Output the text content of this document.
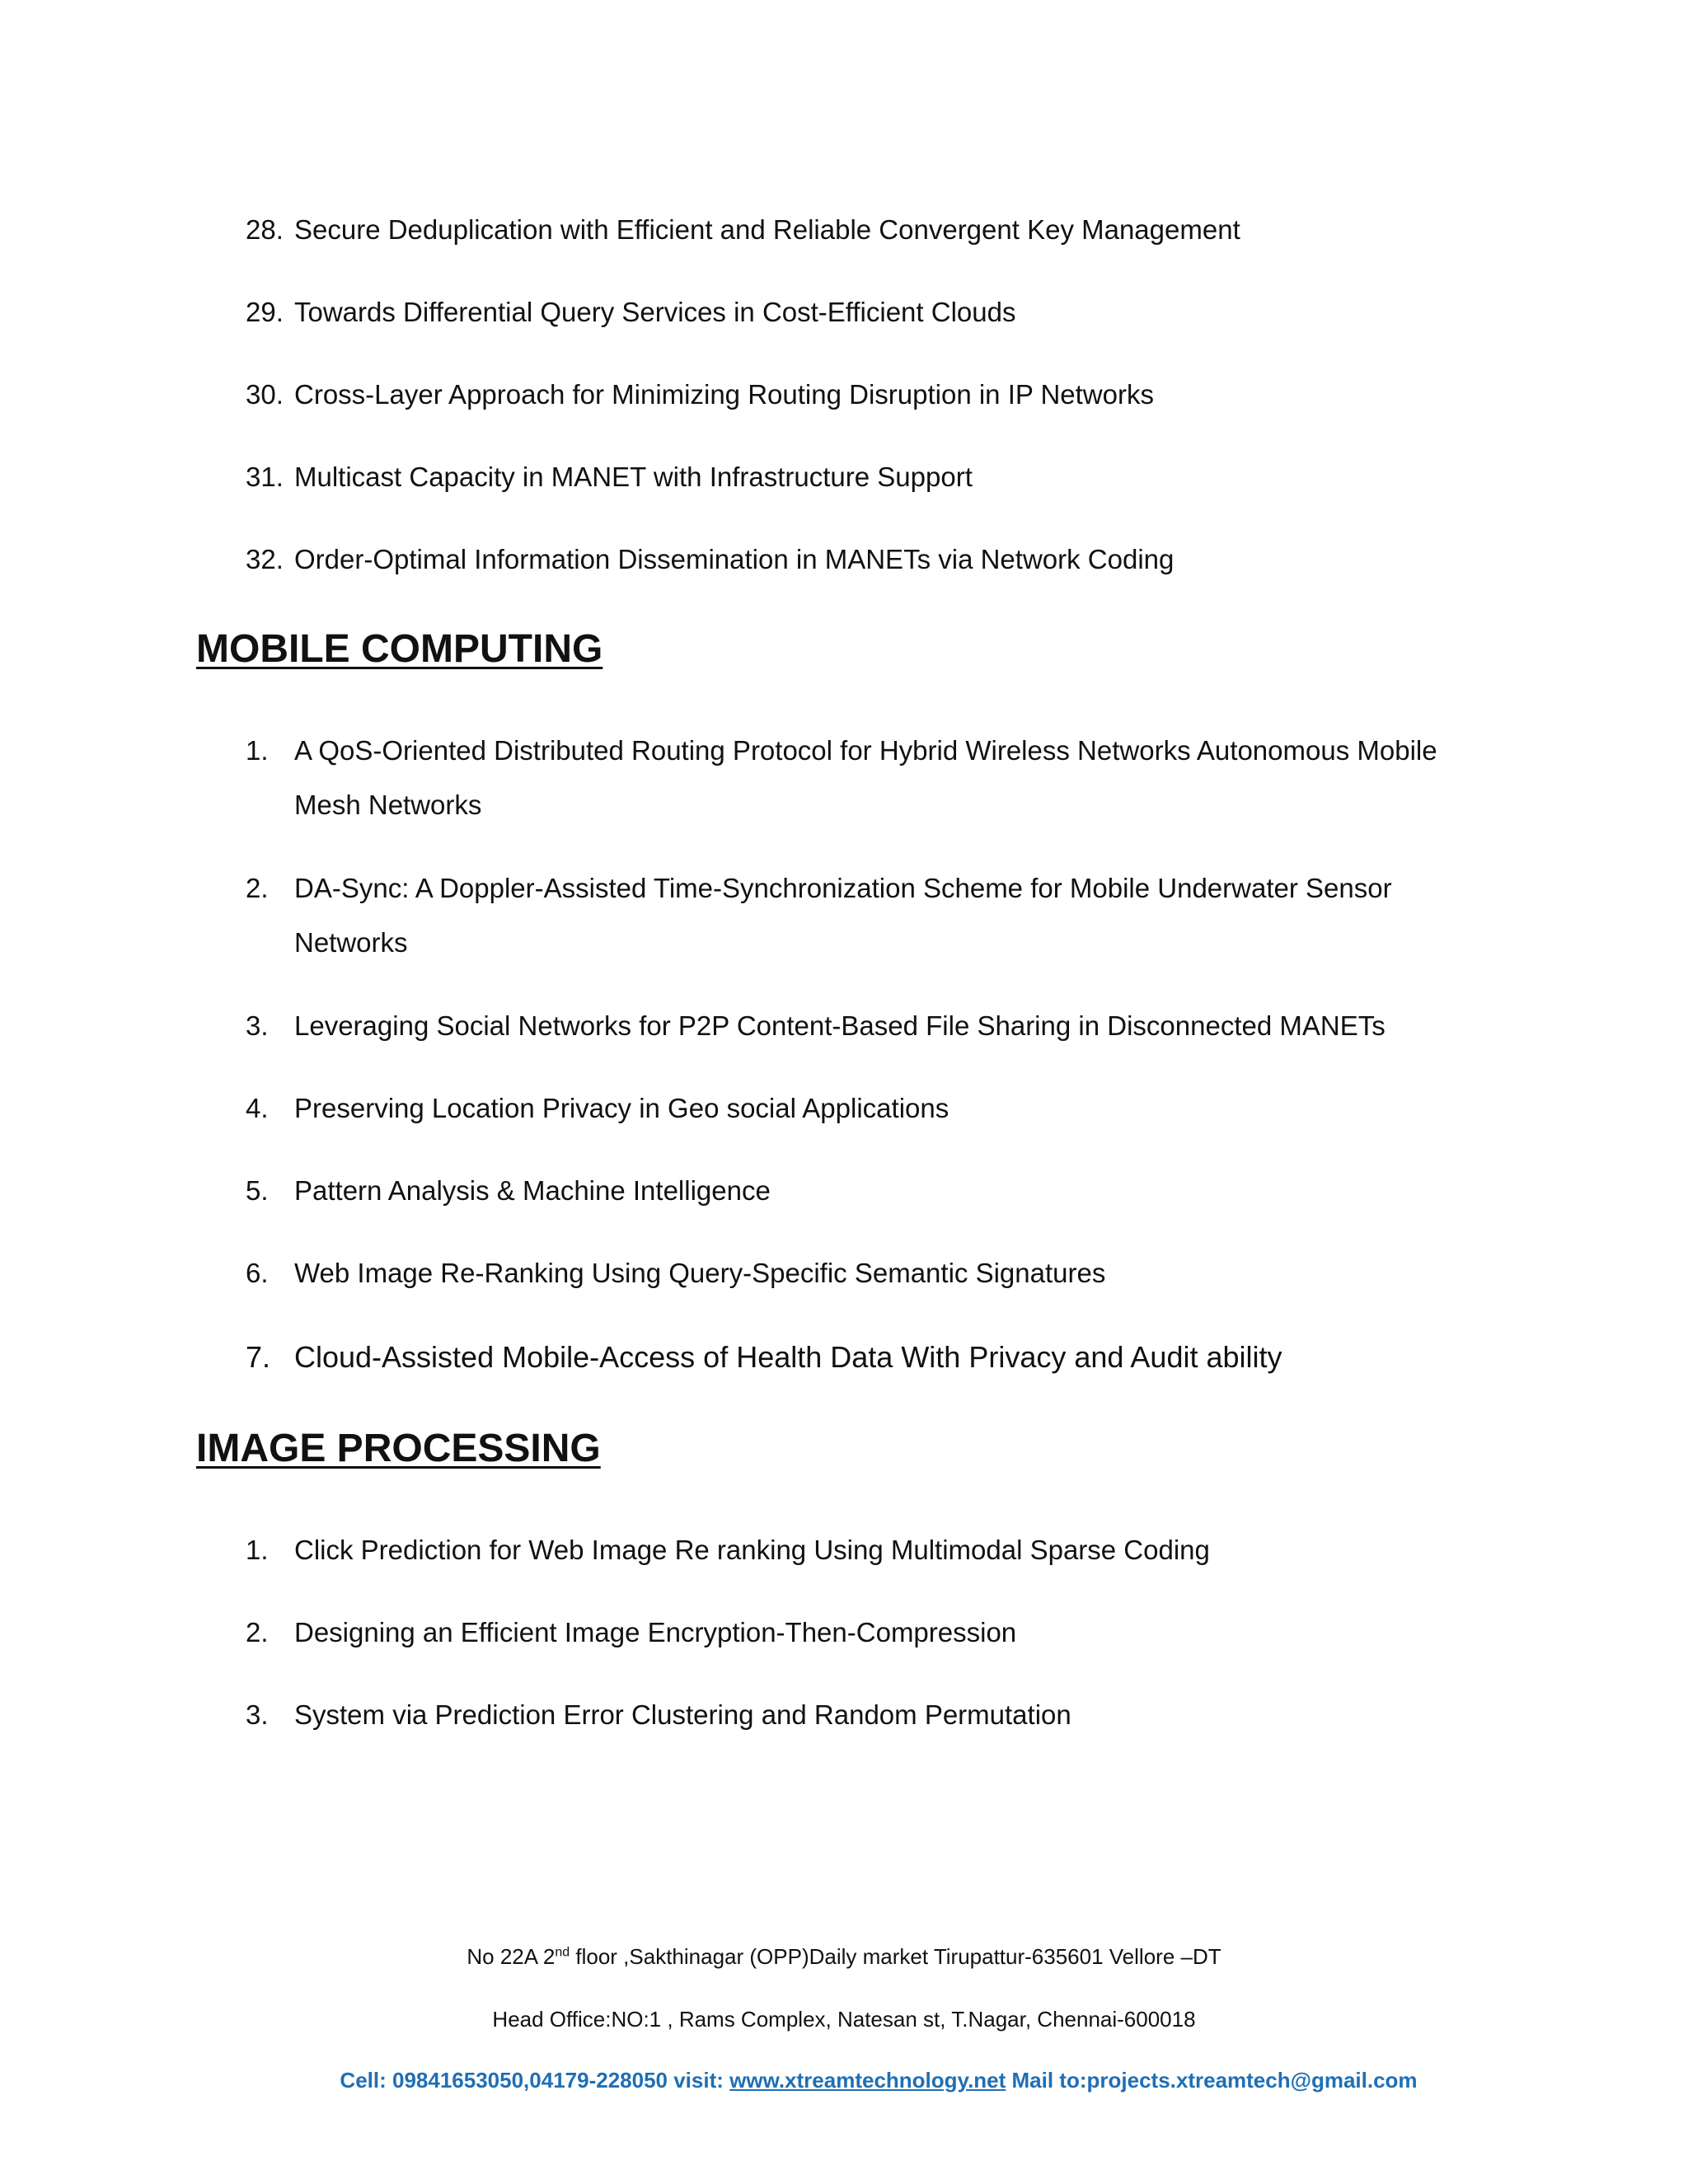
28. Secure Deduplication with Efficient and Reliable Convergent Key Management
29. Towards Differential Query Services in Cost-Efficient Clouds
30. Cross-Layer Approach for Minimizing Routing Disruption in IP Networks
31. Multicast Capacity in MANET with Infrastructure Support
32. Order-Optimal Information Dissemination in MANETs via Network Coding
MOBILE COMPUTING
1. A QoS-Oriented Distributed Routing Protocol for Hybrid Wireless Networks Autonomous Mobile Mesh Networks
2. DA-Sync: A Doppler-Assisted Time-Synchronization Scheme for Mobile Underwater Sensor Networks
3. Leveraging Social Networks for P2P Content-Based File Sharing in Disconnected MANETs
4. Preserving Location Privacy in Geo social Applications
5. Pattern Analysis & Machine Intelligence
6. Web Image Re-Ranking Using Query-Specific Semantic Signatures
7. Cloud-Assisted Mobile-Access of Health Data With Privacy and Audit ability
IMAGE PROCESSING
1. Click Prediction for Web Image Re ranking Using Multimodal Sparse Coding
2. Designing an Efficient Image Encryption-Then-Compression
3. System via Prediction Error Clustering and Random Permutation
No 22A 2nd floor ,Sakthinagar (OPP)Daily market Tirupattur-635601 Vellore –DT
Head Office:NO:1 , Rams Complex, Natesan st, T.Nagar, Chennai-600018
Cell: 09841653050,04179-228050 visit: www.xtreamtechnology.net Mail to:projects.xtreamtech@gmail.com
